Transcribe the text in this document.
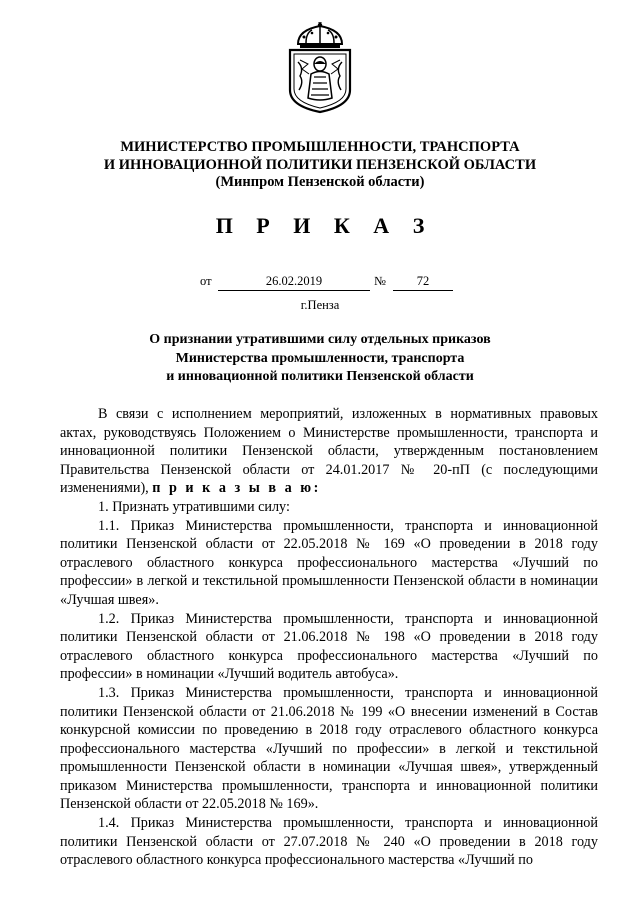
МИНИСТЕРСТВО ПРОМЫШЛЕННОСТИ, ТРАНСПОРТА
И ИННОВАЦИОННОЙ ПОЛИТИКИ ПЕНЗЕНСКОЙ ОБЛАСТИ
(Минпром Пензенской области)
П Р И К А З
от	26.02.2019	№	72
г.Пенза
О признании утратившими силу отдельных приказов
Министерства промышленности, транспорта
и инновационной политики Пензенской области

В связи с исполнением мероприятий, изложенных в нормативных правовых актах, руководствуясь Положением о Министерстве промышленности, транспорта и инновационной политики Пензенской области, утвержденным постановлением Правительства Пензенской области от 24.01.2017 № 20-пП (с последующими изменениями), п р и к а з ы в а ю:

1. Признать утратившими силу:

1.1. Приказ Министерства промышленности, транспорта и инновационной политики Пензенской области от 22.05.2018 № 169 «О проведении в 2018 году отраслевого областного конкурса профессионального мастерства «Лучший по профессии» в легкой и текстильной промышленности Пензенской области в номинации «Лучшая швея».

1.2. Приказ Министерства промышленности, транспорта и инновационной политики Пензенской области от 21.06.2018 № 198 «О проведении в 2018 году отраслевого областного конкурса профессионального мастерства «Лучший по профессии» в номинации «Лучший водитель автобуса».

1.3. Приказ Министерства промышленности, транспорта и инновационной политики Пензенской области от 21.06.2018 № 199 «О внесении изменений в Состав конкурсной комиссии по проведению в 2018 году отраслевого областного конкурса профессионального мастерства «Лучший по профессии» в легкой и текстильной промышленности Пензенской области в номинации «Лучшая швея», утвержденный приказом Министерства промышленности, транспорта и инновационной политики Пензенской области от 22.05.2018 № 169».

1.4. Приказ Министерства промышленности, транспорта и инновационной политики Пензенской области от 27.07.2018 № 240 «О проведении в 2018 году отраслевого областного конкурса профессионального мастерства «Лучший по
